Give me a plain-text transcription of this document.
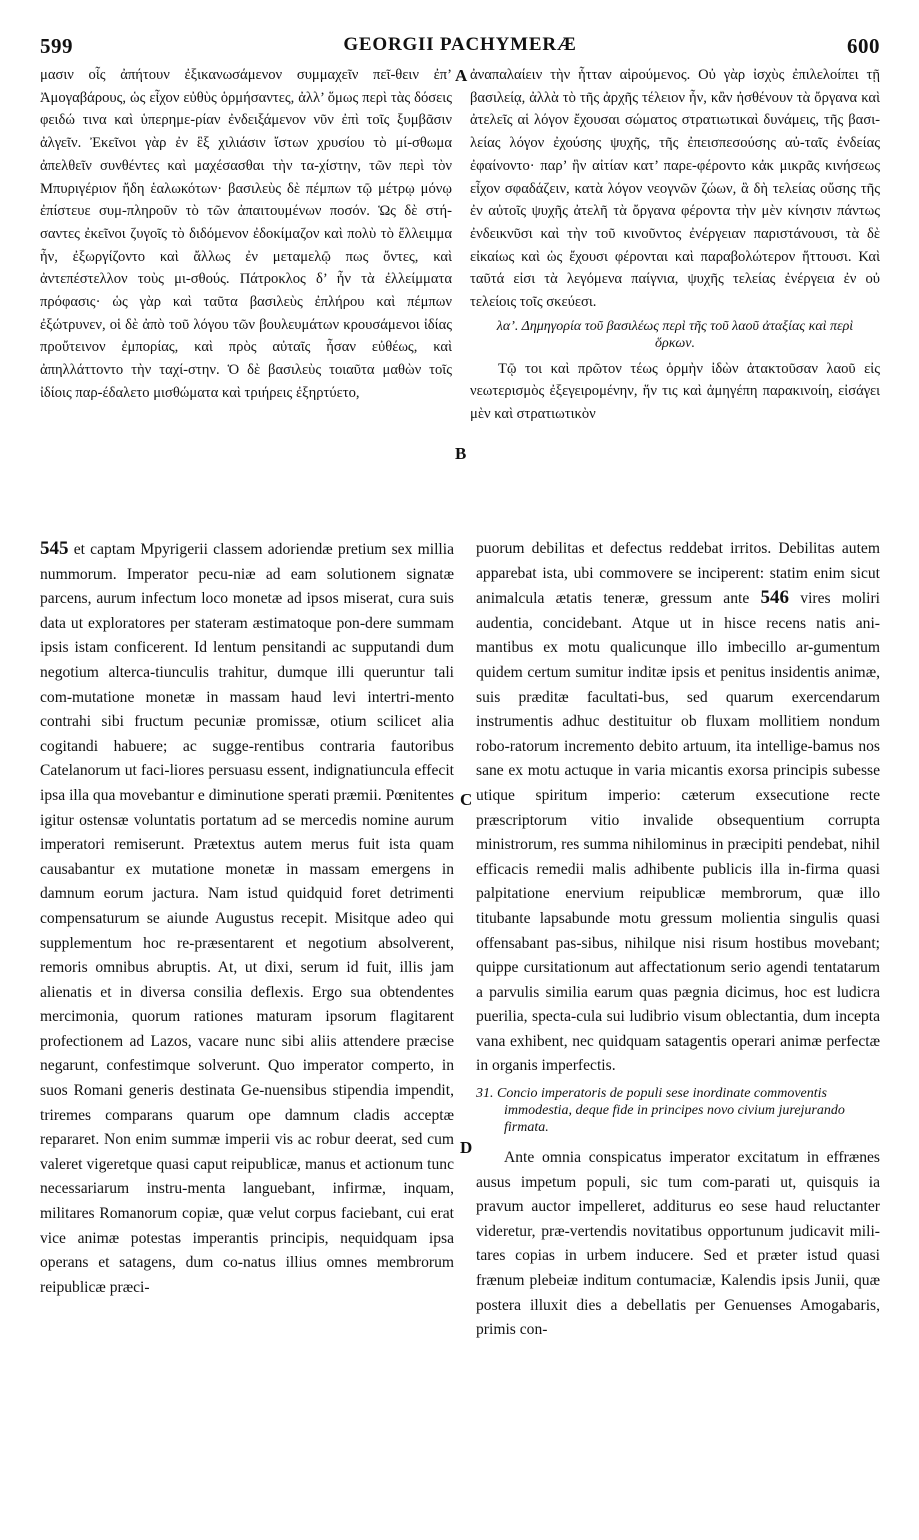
599	GEORGII PACHYMERÆ	600

μασιν οἷς ἀπήτουν ἐξικανωσάμενον συμμαχεῖν πεῖ-θειν ἐπ’ Ἀμογαβάρους, ὡς εἶχον εὐθὺς ὁρμήσαντες, ἀλλ’ ὅμως περὶ τὰς δόσεις φειδώ τινα καὶ ὑπερημε-ρίαν ἐνδειξάμενον νῦν ἐπὶ τοῖς ξυμβᾶσιν ἀλγεῖν. Ἐκεῖνοι γὰρ ἐν ἓξ χιλιάσιν ἴστων χρυσίου τὸ μί-σθωμα ἀπελθεῖν συνθέντες καὶ μαχέσασθαι τὴν τα-χίστην, τῶν περὶ τὸν Μπυριγέριον ἤδη ἑαλωκότων· βασιλεὺς δὲ πέμπων τῷ μέτρῳ μόνῳ ἐπίστευε συμ-πληροῦν τὸ τῶν ἀπαιτουμένων ποσόν. Ὡς δὲ στή-σαντες ἐκεῖνοι ζυγοῖς τὸ διδόμενον ἐδοκίμαζον καὶ πολὺ τὸ ἔλλειμμα ἦν, ἐξωργίζοντο καὶ ἄλλως ἐν μεταμελῷ πως ὄντες, καὶ ἀντεπέστελλον τοὺς μι-σθούς. Πάτροκλος δ’ ἦν τὰ ἐλλείμματα πρόφασις· ὡς γὰρ καὶ ταῦτα βασιλεὺς ἐπλήρου καὶ πέμπων ἐξώτρυνεν, οἱ δὲ ἀπὸ τοῦ λόγου τῶν βουλευμάτων κρουσάμενοι ἰδίας προὔτεινον ἐμπορίας, καὶ πρὸς αὐταῖς ἦσαν εὐθέως, καὶ ἀπηλλάττοντο τὴν ταχί-στην. Ὁ δὲ βασιλεὺς τοιαῦτα μαθὼν τοῖς ἰδίοις παρ-έδαλετο μισθώματα καὶ τριήρεις ἐξηρτύετο,

ἀναπαλαίειν τὴν ἧτταν αἱρούμενος. Οὐ γὰρ ἰσχὺς ἐπιλελοίπει τῇ βασιλείᾳ, ἀλλὰ τὸ τῆς ἀρχῆς τέλειον ἦν, κἂν ἠσθένουν τὰ ὄργανα καὶ ἀτελεῖς αἱ λόγον ἔχουσαι σώματος στρατιωτικαὶ δυνάμεις, τῆς βασι-λείας λόγον ἐχούσης ψυχῆς, τῆς ἐπεισπεσούσης αὐ-ταῖς ἐνδείας ἐφαίνοντο· παρ’ ἣν αἰτίαν κατ’ παρε-φέροντο κἀκ μικρᾶς κινήσεως εἶχον σφαδάζειν, κατὰ λόγον νεογνῶν ζώων, ἃ δὴ τελείας οὔσης τῆς ἐν αὐτοῖς ψυχῆς ἀτελῆ τὰ ὄργανα φέροντα τὴν μὲν κίνησιν πάντως ἐνδεικνῦσι καὶ τὴν τοῦ κινοῦντος ἐνέργειαν παριστάνουσι, τὰ δὲ εἰκαίως καὶ ὡς ἔχουσι φέρονται καὶ παραβολώτερον ἥττουσι. Καὶ ταῦτά εἰσι τὰ λεγόμενα παίγνια, ψυχῆς τελείας ἐνέργεια ἐν οὐ τελείοις τοῖς σκεύεσι.

λα’. Δημηγορία τοῦ βασιλέως περὶ τῆς τοῦ λαοῦ ἀταξίας καὶ περὶ ὅρκων.

Τῷ τοι καὶ πρῶτον τέως ὁρμὴν ἰδὼν ἀτακτοῦσαν λαοῦ εἰς νεωτερισμὸς ἐξεγειρομένην, ἥν τις καὶ ἀμηγέπη παρακινοίη, εἰσάγει μὲν καὶ στρατιωτικὸν

545 et captam Mpyrigerii classem adoriendæ pretium sex millia nummorum. Imperator pecu-niæ ad eam solutionem signatæ parcens, aurum infectum loco monetæ ad ipsos miserat, cura suis data ut exploratores per stateram æstimatoque pon-dere summam ipsis istam conficerent. Id lentum pensitandi ac supputandi dum negotium alterca-tiunculis trahitur, dumque illi queruntur tali com-mutatione monetæ in massam haud levi intertri-mento contrahi sibi fructum pecuniæ promissæ, otium scilicet alia cogitandi habuere; ac sugge-rentibus contraria fautoribus Catelanorum ut faci-liores persuasu essent, indignatiuncula effecit ipsa illa qua movebantur e diminutione sperati præmii. Pœnitentes igitur ostensæ voluntatis portatum ad se mercedis nomine aurum imperatori remiserunt. Prætextus autem merus fuit ista quam causabantur ex mutatione monetæ in massam emergens in damnum eorum jactura. Nam istud quidquid foret detrimenti compensaturum se aiunde Augustus recepit. Misitque adeo qui supplementum hoc re-præsentarent et negotium absolverent, remoris omnibus abruptis. At, ut dixi, serum id fuit, illis jam alienatis et in diversa consilia deflexis. Ergo sua obtendentes mercimonia, quorum rationes maturam ipsorum flagitarent profectionem ad Lazos, vacare nunc sibi aliis attendere præcise negarunt, confestimque solverunt. Quo imperator comperto, in suos Romani generis destinata Ge-nuensibus stipendia impendit, triremes comparans quarum ope damnum cladis acceptæ repararet. Non enim summæ imperii vis ac robur deerat, sed cum valeret vigeretque quasi caput reipublicæ, manus et actionum tunc necessariarum instru-menta languebant, infirmæ, inquam, militares Romanorum copiæ, quæ velut corpus faciebant, cui erat vice animæ potestas imperantis principis, nequidquam ipsa operans et satagens, dum co-natus illius omnes membrorum reipublicæ præci-

puorum debilitas et defectus reddebat irritos. Debilitas autem apparebat ista, ubi commovere se inciperent: statim enim sicut animalcula ætatis teneræ, gressum ante 546 vires moliri audentia, concidebant. Atque ut in hisce recens natis ani-mantibus ex motu qualicunque illo imbecillo ar-gumentum quidem certum sumitur inditæ ipsis et penitus insidentis animæ, suis præditæ facultati-bus, sed quarum exercendarum instrumentis adhuc destituitur ob fluxam mollitiem nondum robo-ratorum incremento debito artuum, ita intellige-bamus nos sane ex motu actuque in varia micantis exorsa principis subesse utique spiritum imperio: cæterum exsecutione recte præscriptorum vitio invalide obsequentium corrupta ministrorum, res summa nihilominus in præcipiti pendebat, nihil efficacis remedii malis adhibente publicis illa in-firma quasi palpitatione enervium reipublicæ membrorum, quæ illo titubante lapsabunde motu gressum molientia singulis quasi offensabant pas-sibus, nihilque nisi risum hostibus movebant; quippe cursitationum aut affectationum serio agendi tentatarum a parvulis similia earum quas pægnia dicimus, hoc est ludicra puerilia, specta-cula sui ludibrio visum oblectantia, dum incepta vana exhibent, nec quidquam satagentis operari animæ perfectæ in organis imperfectis.

31. Concio imperatoris de populi sese inordinate commoventis immodestia, deque fide in principes novo civium jurejurando firmata.

Ante omnia conspicatus imperator excitatum in effrænes ausus impetum populi, sic tum com-parati ut, quisquis ia pravum auctor impelleret, additurus eo sese haud reluctanter videretur, præ-vertendis novitatibus opportunum judicavit mili-tares copias in urbem inducere. Sed et præter istud quasi frænum plebeiæ inditum contumaciæ, Kalendis ipsis Junii, quæ postera illuxit dies a debellatis per Genuenses Amogabaris, primis con-

A
B
C
D
